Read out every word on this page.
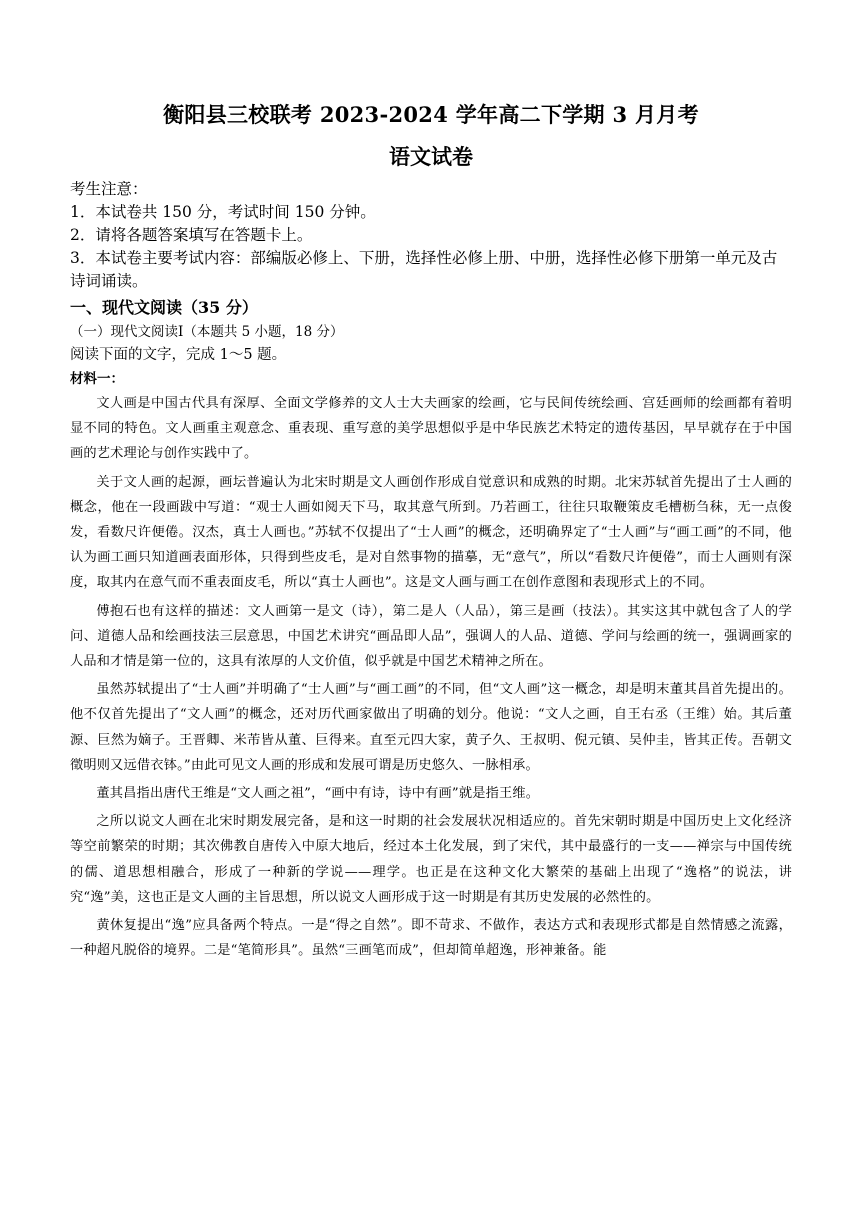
衡阳县三校联考 2023-2024 学年高二下学期 3 月月考
语文试卷

考生注意：

1．本试卷共 150 分，考试时间 150 分钟。

2．请将各题答案填写在答题卡上。

3．本试卷主要考试内容：部编版必修上、下册，选择性必修上册、中册，选择性必修下册第一单元及古诗词诵读。

一、现代文阅读（35 分）

（一）现代文阅读Ⅰ（本题共 5 小题，18 分）

阅读下面的文字，完成 1～5 题。

材料一：

文人画是中国古代具有深厚、全面文学修养的文人士大夫画家的绘画，它与民间传统绘画、宫廷画师的绘画都有着明显不同的特色。文人画重主观意念、重表现、重写意的美学思想似乎是中华民族艺术特定的遗传基因，早早就存在于中国画的艺术理论与创作实践中了。

关于文人画的起源，画坛普遍认为北宋时期是文人画创作形成自觉意识和成熟的时期。北宋苏轼首先提出了士人画的概念，他在一段画跋中写道：“观士人画如阅天下马，取其意气所到。乃若画工，往往只取鞭策皮毛槽枥刍秣，无一点俊发，看数尺许便倦。汉杰，真士人画也。”苏轼不仅提出了“士人画”的概念，还明确界定了“士人画”与“画工画”的不同，他认为画工画只知道画表面形体，只得到些皮毛，是对自然事物的描摹，无“意气”，所以“看数尺许便倦”，而士人画则有深度，取其内在意气而不重表面皮毛，所以“真士人画也”。这是文人画与画工在创作意图和表现形式上的不同。

傅抱石也有这样的描述：文人画第一是文（诗），第二是人（人品），第三是画（技法）。其实这其中就包含了人的学问、道德人品和绘画技法三层意思，中国艺术讲究“画品即人品”，强调人的人品、道德、学问与绘画的统一，强调画家的人品和才情是第一位的，这具有浓厚的人文价值，似乎就是中国艺术精神之所在。

虽然苏轼提出了“士人画”并明确了“士人画”与“画工画”的不同，但“文人画”这一概念，却是明末董其昌首先提出的。他不仅首先提出了“文人画”的概念，还对历代画家做出了明确的划分。他说：“文人之画，自王右丞（王维）始。其后董源、巨然为嫡子。王晋卿、米芾皆从董、巨得来。直至元四大家，黄子久、王叔明、倪元镇、吴仲圭，皆其正传。吾朝文徵明则又远借衣钵。”由此可见文人画的形成和发展可谓是历史悠久、一脉相承。

董其昌指出唐代王维是“文人画之祖”，“画中有诗，诗中有画”就是指王维。

之所以说文人画在北宋时期发展完备，是和这一时期的社会发展状况相适应的。首先宋朝时期是中国历史上文化经济等空前繁荣的时期；其次佛教自唐传入中原大地后，经过本土化发展，到了宋代，其中最盛行的一支——禅宗与中国传统的儒、道思想相融合，形成了一种新的学说——理学。也正是在这种文化大繁荣的基础上出现了“逸格”的说法，讲究“逸”美，这也正是文人画的主旨思想，所以说文人画形成于这一时期是有其历史发展的必然性的。

黄休复提出“逸”应具备两个特点。一是“得之自然”。即不苛求、不做作，表达方式和表现形式都是自然情感之流露，一种超凡脱俗的境界。二是“笔简形具”。虽然“三画笔而成”，但却简单超逸，形神兼备。能
